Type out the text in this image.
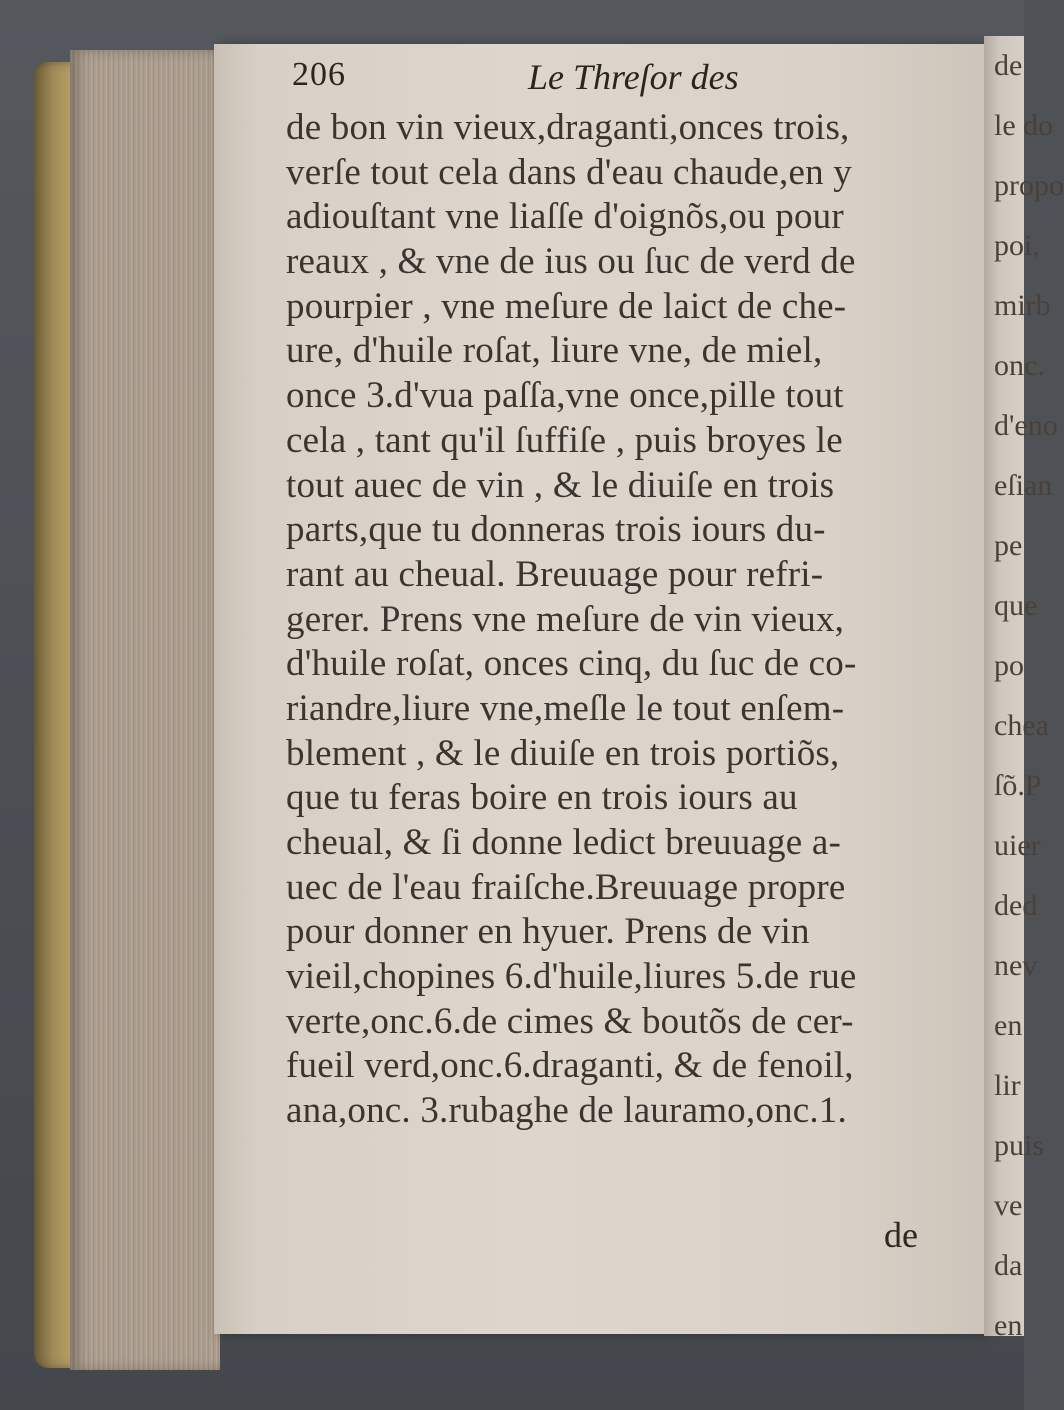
de
le do
propo
poi,
mirb
onc.
d'eno
eſian
pe
que
po
chea
ſõ.P
uier
ded
nev
en
lir
puis
ve
da
en
206	Le Threſor des
de bon vin vieux,draganti,onces trois,
verſe tout cela dans d'eau chaude,en y
adiouſtant vne liaſſe d'oignõs,ou pour
reaux , & vne de ius ou ſuc de verd de
pourpier , vne meſure de laict de che-
ure, d'huile roſat, liure vne, de miel,
once 3.d'vua paſſa,vne once,pille tout
cela , tant qu'il ſuffiſe , puis broyes le
tout auec de vin , & le diuiſe en trois
parts,que tu donneras trois iours du-
rant au cheual. Breuuage pour refri-
gerer. Prens vne meſure de vin vieux,
d'huile roſat, onces cinq, du ſuc de co-
riandre,liure vne,meſle le tout enſem-
blement , & le diuiſe en trois portiõs,
que tu feras boire en trois iours au
cheual, & ſi donne ledict breuuage a-
uec de l'eau fraiſche.Breuuage propre
pour donner en hyuer. Prens de vin
vieil,chopines 6.d'huile,liures 5.de rue
verte,onc.6.de cimes & boutõs de cer-
fueil verd,onc.6.draganti, & de fenoil,
ana,onc. 3.rubaghe de lauramo,onc.1.
de
